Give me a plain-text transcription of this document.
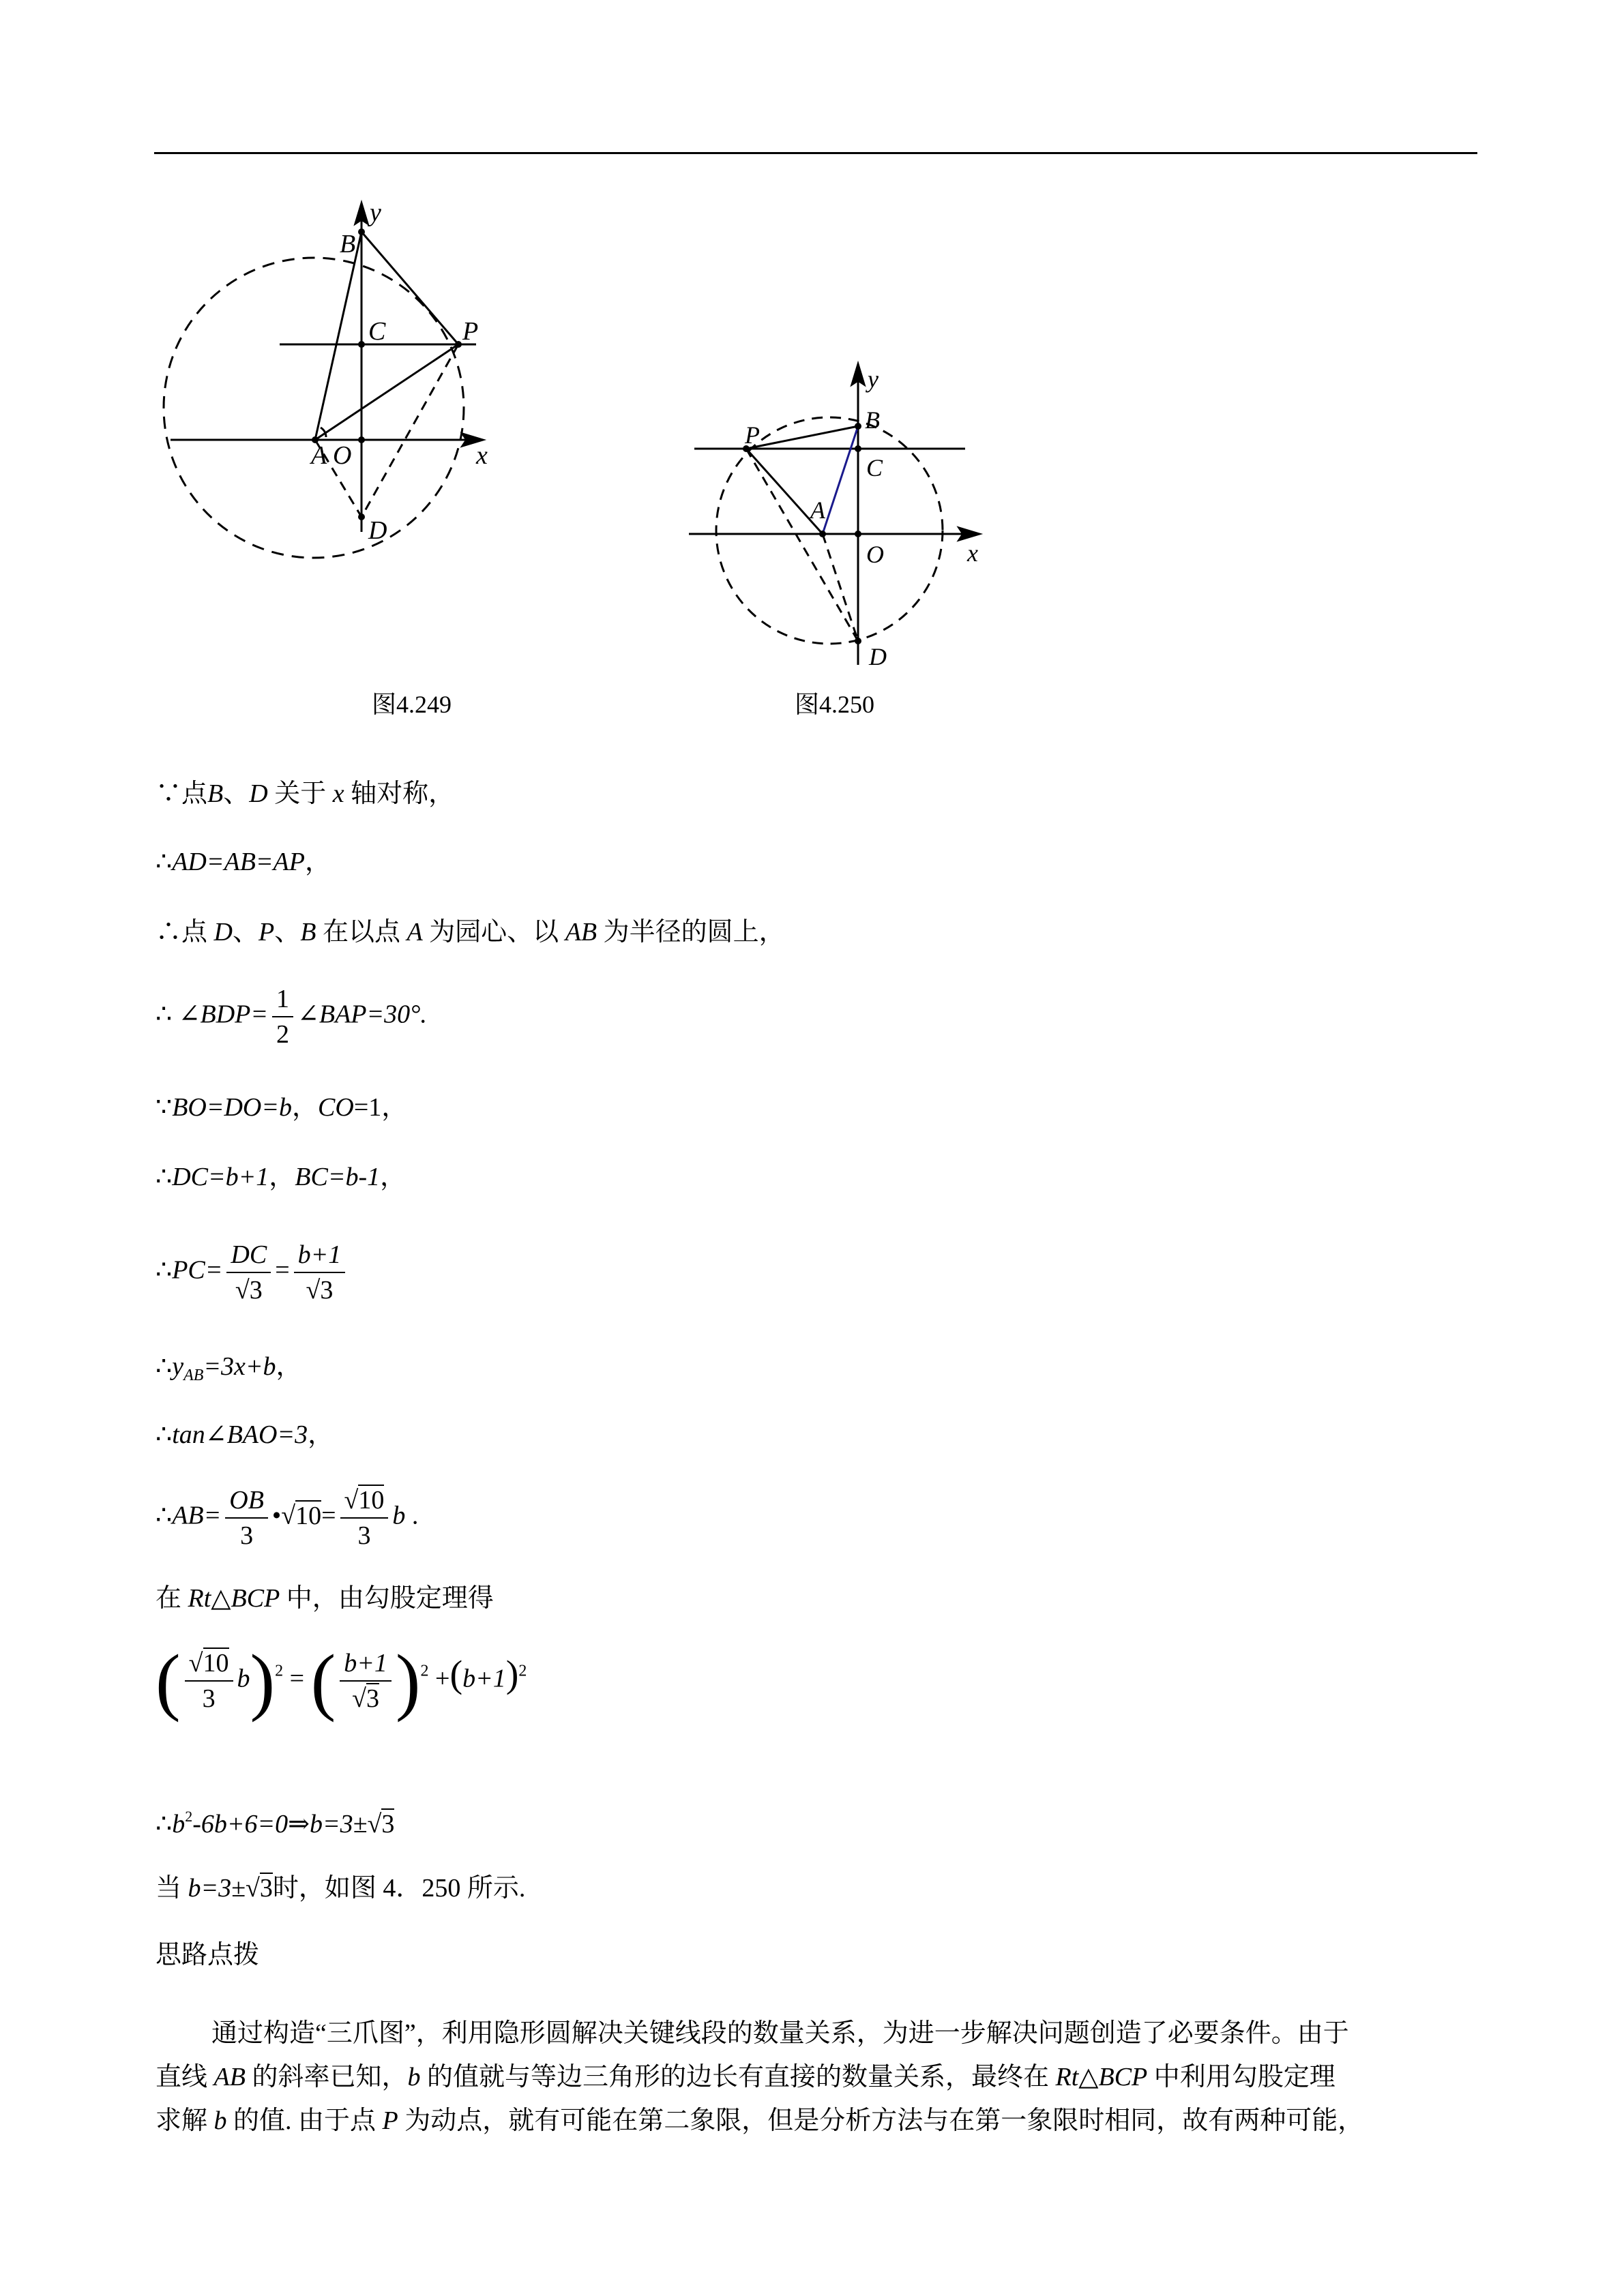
y
B
C	P
A O	x
D
图4.249
y
B
P
C
A
O	x
D
图4.250
∵点B、D 关于 x 轴对称，
∴AD=AB=AP，
∴点 D、P、B 在以点 A 为园心、以 AB 为半径的圆上，
∴ ∠BDP= $\frac{1}{2}$ ∠BAP=30°.
∵BO=DO=b，CO=1，
∴DC=b+1，BC=b-1，
∴PC= $\frac{DC}{√3} = \frac{b+1}{√3}$
$\therefore y_{AB}=3x+b$，
∴tan∠BAO=3，
∴AB= $\frac{OB}{3}$ •√10= $\frac{√10}{3}$ b .
在 Rt△BCP 中，由勾股定理得
( $\frac{√10}{3} b)^2$ = ( $\frac{b+1}{√3} )^2 +(b+1)^2$
$\therefore b^2-6b+6=0\Rightarrow b=3\pm√3$
当 b=3±√3时，如图 4．250 所示.
思路点拨

通过构造“三爪图”，利用隐形圆解决关键线段的数量关系，为进一步解决问题创造了必要条件。由于

直线 AB 的斜率已知，b 的值就与等边三角形的边长有直接的数量关系，最终在 Rt△BCP 中利用勾股定理

求解 b 的值. 由于点 P 为动点，就有可能在第二象限，但是分析方法与在第一象限时相同，故有两种可能，
